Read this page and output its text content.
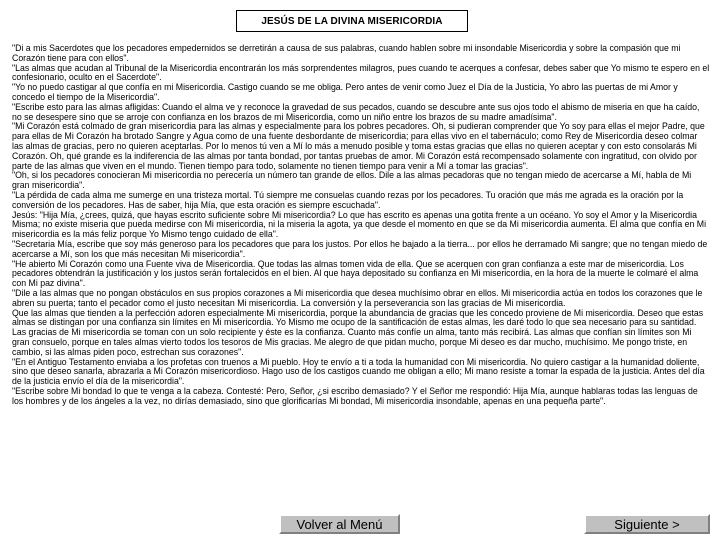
JESÚS DE LA DIVINA MISERICORDIA

"Di a mis Sacerdotes que los pecadores empedernidos se derretirán a causa de sus palabras, cuando hablen sobre mi insondable Misericordia y sobre la compasión que mi Corazón tiene para con ellos".

"Las almas que acudan al Tribunal de la Misericordia encontrarán los más sorprendentes milagros, pues cuando te acerques a confesar, debes saber que Yo mismo te espero en el confesionario, oculto en el Sacerdote".

"Yo no puedo castigar al que confía en mi Misericordia. Castigo cuando se me obliga. Pero antes de venir como Juez el Día de la Justicia, Yo abro las puertas de mi Amor y concedo el tiempo de la Misericordia".

"Escribe esto para las almas afligidas: Cuando el alma ve y reconoce la gravedad de sus pecados, cuando se descubre ante sus ojos todo el abismo de miseria en que ha caído, no se desespere sino que se arroje con confianza en los brazos de mi Misericordia, como un niño entre los brazos de su madre amadísima".

"Mi Corazón está colmado de gran misericordia para las almas y especialmente para los pobres pecadores. Oh, si pudieran comprender que Yo soy para ellas el mejor Padre, que para ellas de Mi Corazón ha brotado Sangre y Agua como de una fuente desbordante de misericordia; para ellas vivo en el tabernáculo; como Rey de Misericordia deseo colmar las almas de gracias, pero no quieren aceptarlas. Por lo menos tú ven a Mí lo más a menudo posible y toma estas gracias que ellas no quieren aceptar y con esto consolarás Mi Corazón. Oh, qué grande es la indiferencia de las almas por tanta bondad, por tantas pruebas de amor. Mi Corazón está recompensado solamente con ingratitud, con olvido por parte de las almas que viven en el mundo. Tienen tiempo para todo, solamente no tienen tiempo para venir a Mí a tomar las gracias".

"Oh, si los pecadores conocieran Mi misericordia no perecería un número tan grande de ellos. Dile a las almas pecadoras que no tengan miedo de acercarse a Mí, habla de Mi gran misericordia".

"La pérdida de cada alma me sumerge en una tristeza mortal. Tú siempre me consuelas cuando rezas por los pecadores. Tu oración que más me agrada es la oración por la conversión de los pecadores. Has de saber, hija Mía, que esta oración es siempre escuchada".

Jesús: "Hija Mía, ¿crees, quizá, que hayas escrito suficiente sobre Mi misericordia? Lo que has escrito es apenas una gotita frente a un océano. Yo soy el Amor y la Misericordia Misma; no existe miseria que pueda medirse con Mi misericordia, ni la miseria la agota, ya que desde el momento en que se da Mi misericordia aumenta. El alma que confía en Mi misericordia es la más feliz porque Yo Mismo tengo cuidado de ella".

"Secretaria Mía, escribe que soy más generoso para los pecadores que para los justos. Por ellos he bajado a la tierra... por ellos he derramado Mi sangre; que no tengan miedo de acercarse a Mí, son los que más necesitan Mi misericordia".

"He abierto Mi Corazón como una Fuente viva de Misericordia. Que todas las almas tomen vida de ella. Que se acerquen con gran confianza a este mar de misericordia. Los pecadores obtendrán la justificación y los justos serán fortalecidos en el bien. Al que haya depositado su confianza en Mi misericordia, en la hora de la muerte le colmaré el alma con Mi paz divina".

"Dile a las almas que no pongan obstáculos en sus propios corazones a Mi misericordia que desea muchísimo obrar en ellos. Mi misericordia actúa en todos los corazones que le abren su puerta; tanto el pecador como el justo necesitan Mi misericordia. La conversión y la perseverancia son las gracias de Mi misericordia.

Que las almas que tienden a la perfección adoren especialmente Mi misericordia, porque la abundancia de gracias que les concedo proviene de Mi misericordia. Deseo que estas almas se distingan por una confianza sin límites en Mi misericordia. Yo Mismo me ocupo de la santificación de estas almas, les daré todo lo que sea necesario para su santidad. Las gracias de Mi misericordia se toman con un solo recipiente y éste es la confianza. Cuanto más confíe un alma, tanto más recibirá. Las almas que confían sin límites son Mi gran consuelo, porque en tales almas vierto todos los tesoros de Mis gracias. Me alegro de que pidan mucho, porque Mi deseo es dar mucho, muchísimo. Me pongo triste, en cambio, si las almas piden poco, estrechan sus corazones".

"En el Antiguo Testamento enviaba a los profetas con truenos a Mi pueblo. Hoy te envío a ti a toda la humanidad con Mi misericordia. No quiero castigar a la humanidad doliente, sino que deseo sanarla, abrazarla a Mi Corazón misericordioso. Hago uso de los castigos cuando me obligan a ello; Mi mano resiste a tomar la espada de la justicia. Antes del día de la justicia envío el día de la misericordia".

"Escribe sobre Mi bondad lo que te venga a la cabeza. Contesté: Pero, Señor, ¿si escribo demasiado? Y el Señor me respondió: Hija Mía, aunque hablaras todas las lenguas de los hombres y de los ángeles a la vez, no dirías demasiado, sino que glorificarías Mi bondad, Mi misericordia insondable, apenas en una pequeña parte".

Volver al Menú	Siguiente >
